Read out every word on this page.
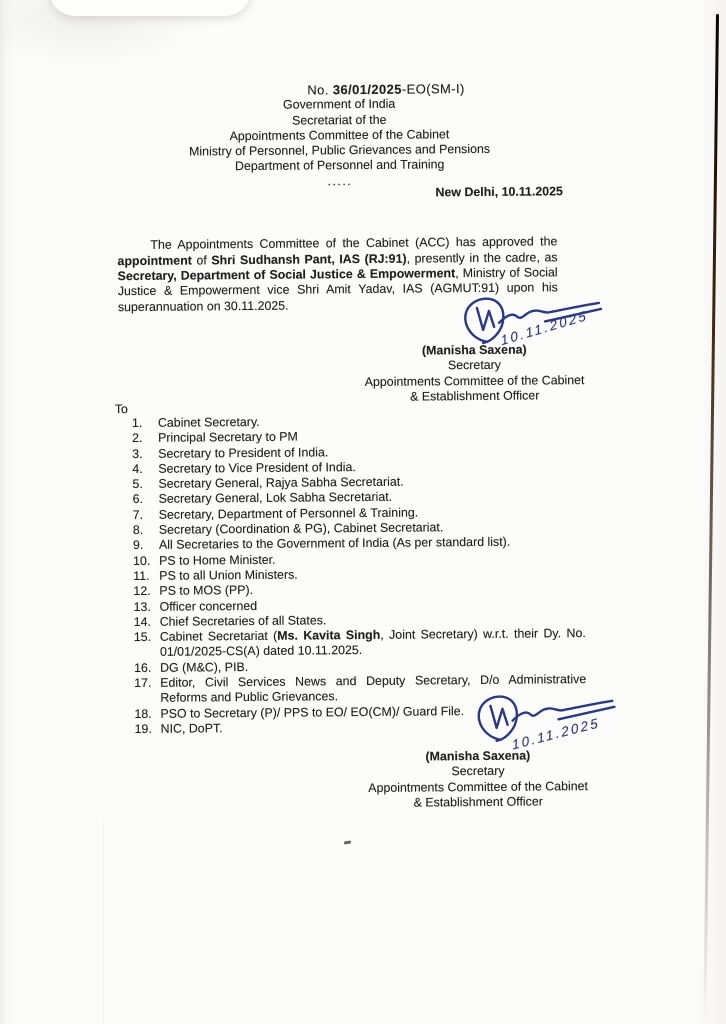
No. 36/01/2025-EO(SM-I)
Government of India
Secretariat of the
Appointments Committee of the Cabinet
Ministry of Personnel, Public Grievances and Pensions
Department of Personnel and Training
.....
New Delhi, 10.11.2025

The Appointments Committee of the Cabinet (ACC) has approved the appointment of Shri Sudhansh Pant, IAS (RJ:91), presently in the cadre, as Secretary, Department of Social Justice & Empowerment, Ministry of Social Justice & Empowerment vice Shri Amit Yadav, IAS (AGMUT:91) upon his superannuation on 30.11.2025.

10.11.2025
(Manisha Saxena)
Secretary
Appointments Committee of the Cabinet
& Establishment Officer
To
1.	Cabinet Secretary.
2.	Principal Secretary to PM
3.	Secretary to President of India.
4.	Secretary to Vice President of India.
5.	Secretary General, Rajya Sabha Secretariat.
6.	Secretary General, Lok Sabha Secretariat.
7.	Secretary, Department of Personnel & Training.
8.	Secretary (Coordination & PG), Cabinet Secretariat.
9.	All Secretaries to the Government of India (As per standard list).
10. PS to Home Minister.
11. PS to all Union Ministers.
12. PS to MOS (PP).
13. Officer concerned
14. Chief Secretaries of all States.
15. Cabinet Secretariat (Ms. Kavita Singh, Joint Secretary) w.r.t. their Dy. No. 01/01/2025-CS(A) dated 10.11.2025.
16. DG (M&C), PIB.
17. Editor, Civil Services News and Deputy Secretary, D/o Administrative Reforms and Public Grievances.
18. PSO to Secretary (P)/ PPS to EO/ EO(CM)/ Guard File.
19. NIC, DoPT.	10.11.2025
(Manisha Saxena)
Secretary
Appointments Committee of the Cabinet
& Establishment Officer
